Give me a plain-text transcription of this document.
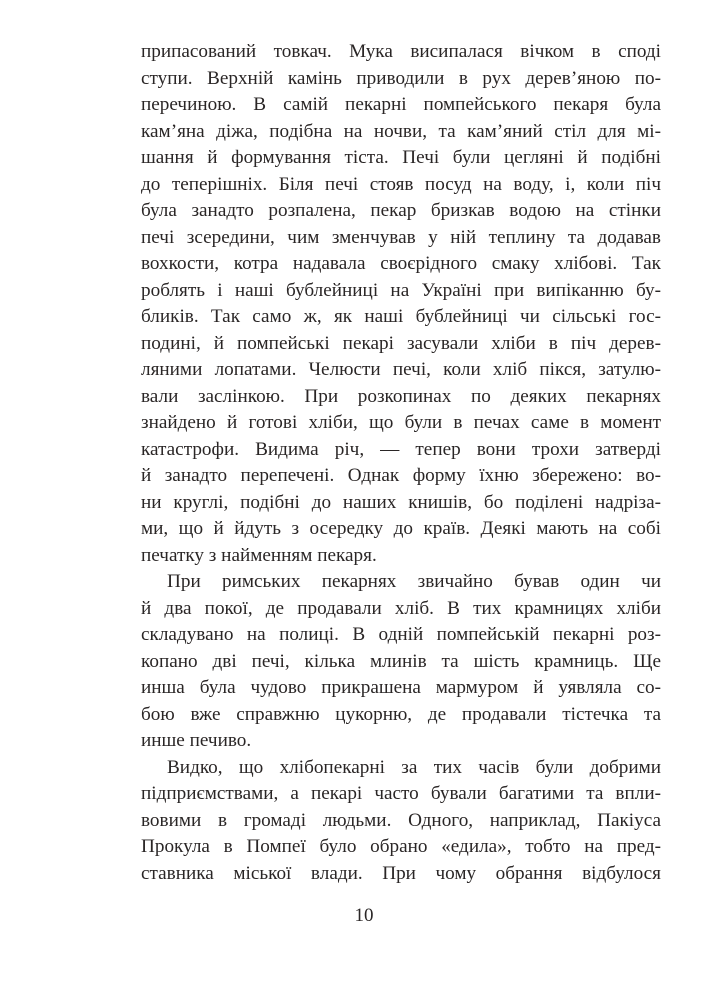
припасований товкач. Мука висипалася вічком в споді
ступи. Верхній камінь приводили в рух дерев’яною по-
перечиною. В самій пекарні помпейського пекаря була
кам’яна діжа, подібна на ночви, та кам’яний стіл для мі-
шання й формування тіста. Печі були цегляні й подібні
до теперішніх. Біля печі стояв посуд на воду, і, коли піч
була занадто розпалена, пекар бризкав водою на стінки
печі зсередини, чим зменчував у ній теплину та додавав
вохкости, котра надавала своєрідного смаку хлібові. Так
роблять і наші бублейниці на Україні при випіканню бу-
бликів. Так само ж, як наші бублейниці чи сільські гос-
подині, й помпейські пекарі засували хліби в піч дерев-
ляними лопатами. Челюсти печі, коли хліб пікся, затулю-
вали заслінкою. При розкопинах по деяких пекарнях
знайдено й готові хліби, що були в печах саме в момент
катастрофи. Видима річ, — тепер вони трохи затверді
й занадто перепечені. Однак форму їхню збережено: во-
ни круглі, подібні до наших книшів, бо поділені надріза-
ми, що й йдуть з осередку до країв. Деякі мають на собі
печатку з найменням пекаря.
При римських пекарнях звичайно бував один чи
й два покої, де продавали хліб. В тих крамницях хліби
складувано на полиці. В одній помпейській пекарні роз-
копано дві печі, кілька млинів та шість крамниць. Ще
инша була чудово прикрашена мармуром й уявляла со-
бою вже справжню цукорню, де продавали тістечка та
инше печиво.
Видко, що хлібопекарні за тих часів були добрими
підприємствами, а пекарі часто бували багатими та впли-
вовими в громаді людьми. Одного, наприклад, Пакіуса
Прокула в Помпеї було обрано «едила», тобто на пред-
ставника міської влади. При чому обрання відбулося
10
